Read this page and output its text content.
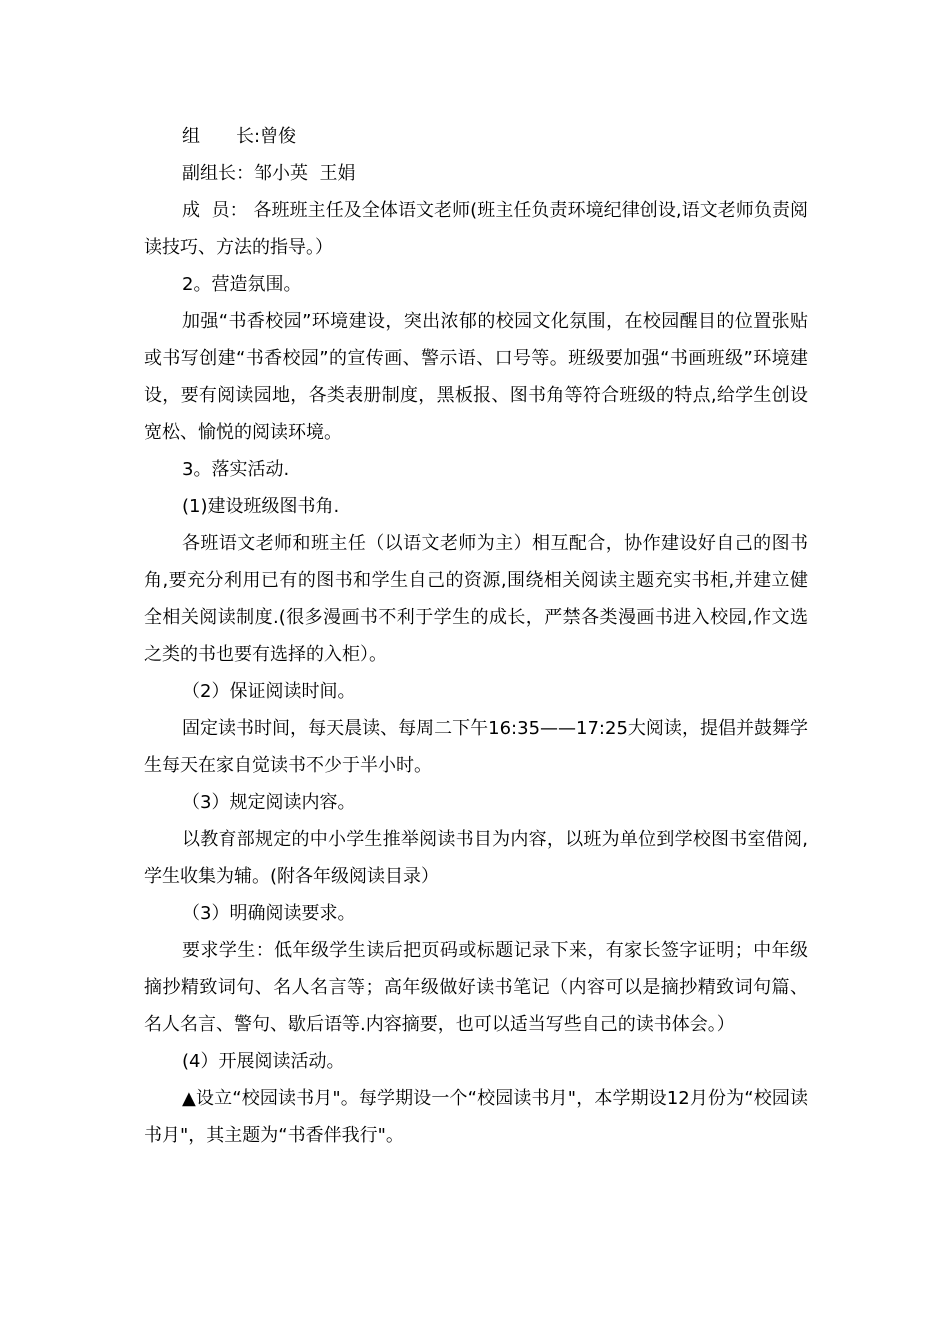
组　　长:曾俊

副组长：邹小英  王娟

成  员： 各班班主任及全体语文老师(班主任负责环境纪律创设,语文老师负责阅读技巧、方法的指导。）

2。营造氛围。

加强“书香校园”环境建设，突出浓郁的校园文化氛围，在校园醒目的位置张贴或书写创建“书香校园”的宣传画、警示语、口号等。班级要加强“书画班级”环境建设，要有阅读园地，各类表册制度，黑板报、图书角等符合班级的特点,给学生创设宽松、愉悦的阅读环境。

3。落实活动.

(1)建设班级图书角.

各班语文老师和班主任（以语文老师为主）相互配合，协作建设好自己的图书角,要充分利用已有的图书和学生自己的资源,围绕相关阅读主题充实书柜,并建立健全相关阅读制度.(很多漫画书不利于学生的成长，严禁各类漫画书进入校园,作文选之类的书也要有选择的入柜）。

（2）保证阅读时间。

固定读书时间，每天晨读、每周二下午16:35——17:25大阅读，提倡并鼓舞学生每天在家自觉读书不少于半小时。

（3）规定阅读内容。

以教育部规定的中小学生推举阅读书目为内容，以班为单位到学校图书室借阅,学生收集为辅。(附各年级阅读目录）

（3）明确阅读要求。

要求学生：低年级学生读后把页码或标题记录下来，有家长签字证明；中年级摘抄精致词句、名人名言等；高年级做好读书笔记（内容可以是摘抄精致词句篇、名人名言、警句、歇后语等.内容摘要，也可以适当写些自己的读书体会。）

(4）开展阅读活动。

▲设立“校园读书月"。每学期设一个“校园读书月"，本学期设12月份为“校园读书月"，其主题为“书香伴我行"。
